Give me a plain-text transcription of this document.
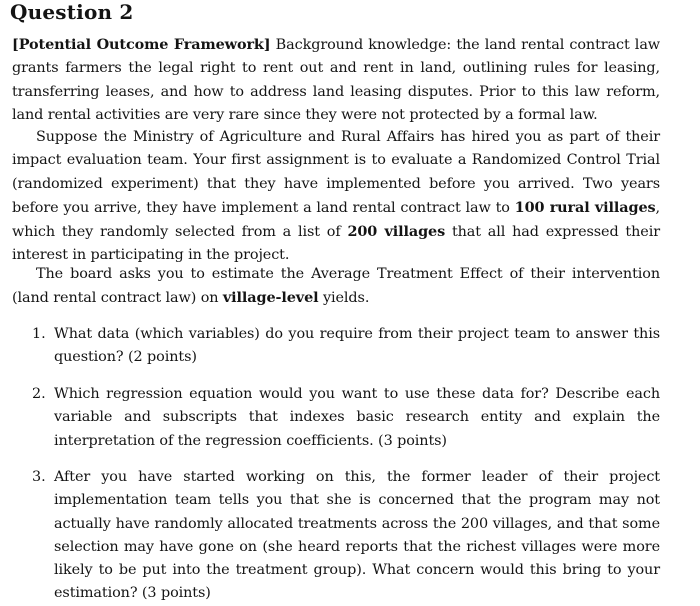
Question 2
[Potential Outcome Framework] Background knowledge: the land rental contract law grants farmers the legal right to rent out and rent in land, outlining rules for leasing, transferring leases, and how to address land leasing disputes. Prior to this law reform, land rental activities are very rare since they were not protected by a formal law.
Suppose the Ministry of Agriculture and Rural Affairs has hired you as part of their impact evaluation team. Your first assignment is to evaluate a Randomized Control Trial (randomized experiment) that they have implemented before you arrived. Two years before you arrive, they have implement a land rental contract law to 100 rural villages, which they randomly selected from a list of 200 villages that all had expressed their interest in participating in the project.
The board asks you to estimate the Average Treatment Effect of their intervention (land rental contract law) on village-level yields.
1. What data (which variables) do you require from their project team to answer this question? (2 points)
2. Which regression equation would you want to use these data for? Describe each variable and subscripts that indexes basic research entity and explain the interpretation of the regression coefficients. (3 points)
3. After you have started working on this, the former leader of their project implementation team tells you that she is concerned that the program may not actually have randomly allocated treatments across the 200 villages, and that some selection may have gone on (she heard reports that the richest villages were more likely to be put into the treatment group). What concern would this bring to your estimation? (3 points)
